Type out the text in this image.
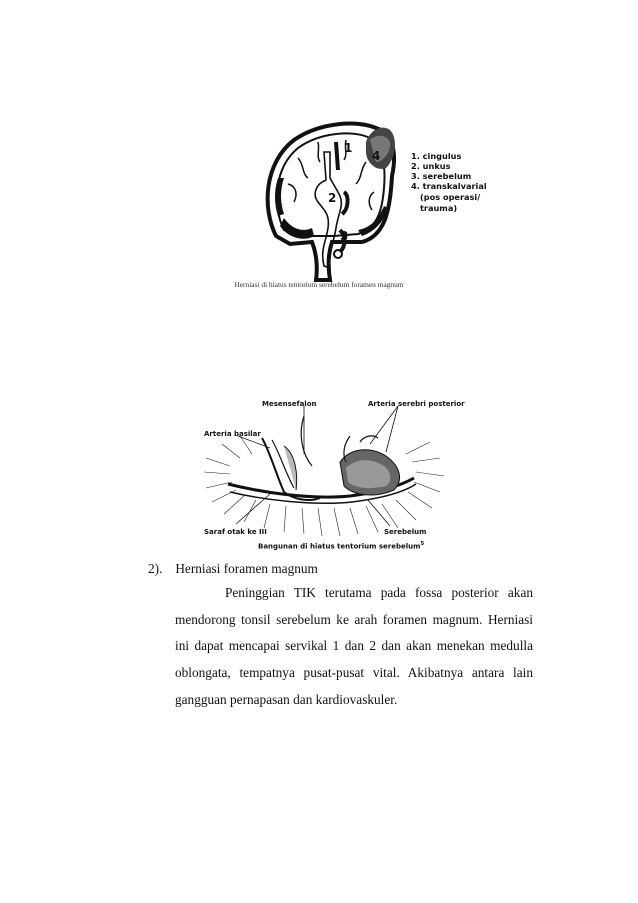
1
2
3
4	1. cingulus
2. unkus
3. serebelum
4. transkalvarial
(pos operasi/
trauma)
Herniasi di hiatus tentorium serebelum foramen magnum
Mesensefalon	Arteria serebri posterior
Arteria basilar
Saraf otak ke III	Serebelum
Bangunan di hiatus tentorium serebelum$^5$
2). Herniasi foramen magnum

Peninggian TIK terutama pada fossa posterior akan mendorong tonsil serebelum ke arah foramen magnum. Herniasi ini dapat mencapai servikal 1 dan 2 dan akan menekan medulla oblongata, tempatnya pusat-pusat vital. Akibatnya antara lain gangguan pernapasan dan kardiovaskuler.
